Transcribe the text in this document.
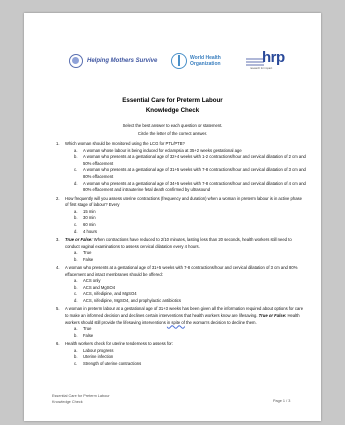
Helping Mothers Survive	World Health
Organization	hrp
research for impact
Essential Care for Preterm Labour
Knowledge Check
Select the best answer to each question or statement.
Circle the letter of the correct answer.
1. Which woman should be monitored using the LCG for PTL/PTB?
a. A woman whose labour is being induced for eclampsia at 35+2 weeks gestational age
b. A woman who presents at a gestational age of 32+4 weeks with 1-2 contractions/hour and cervical dilatation of 2 cm and 50% effacement
c. A woman who presents at a gestational age of 31+5 weeks with 7-8 contractions/hour and cervical dilatation of 3 cm and 80% effacement
d. A woman who presents at a gestational age of 34+5 weeks with 7-8 contractions/hour and cervical dilatation of 4 cm and 80% effacement and intrauterine fetal death confirmed by ultrasound
2. How frequently will you assess uterine contractions (frequency and duration) when a woman in preterm labour is in active phase of first stage of labour? Every
a. 15 min
b. 30 min
c. 60 min
d. 4 hours
3. True or False: When contractions have reduced to 2/10 minutes, lasting less than 20 seconds, health workers still need to conduct vaginal examinations to assess cervical dilatation every 4 hours.
a. True
b. False
4. A woman who presents at a gestational age of 31+5 weeks with 7-8 contractions/hour and cervical dilatation of 3 cm and 80% effacement and intact membranes should be offered:
a. ACS only
b. ACS and MgSO4
c. ACS, nifedipine, and MgSO4
d. ACS, nifedipine, MgSO4, and prophylactic antibiotics
5. A woman in preterm labour at a gestational age of 31+3 weeks has been given all the information required about options for care to make an informed decision and declines certain interventions that health workers know are lifesaving. True or False: Health workers should still provide the lifesaving interventions in spite of the woman's decision to decline them.
a. True
b. False
6. Health workers check for uterine tenderness to assess for:
a. Labour progress
b. Uterine infection
c. Strength of uterine contractions
Essential Care for Preterm Labour
Knowledge Check	Page 1 / 3
